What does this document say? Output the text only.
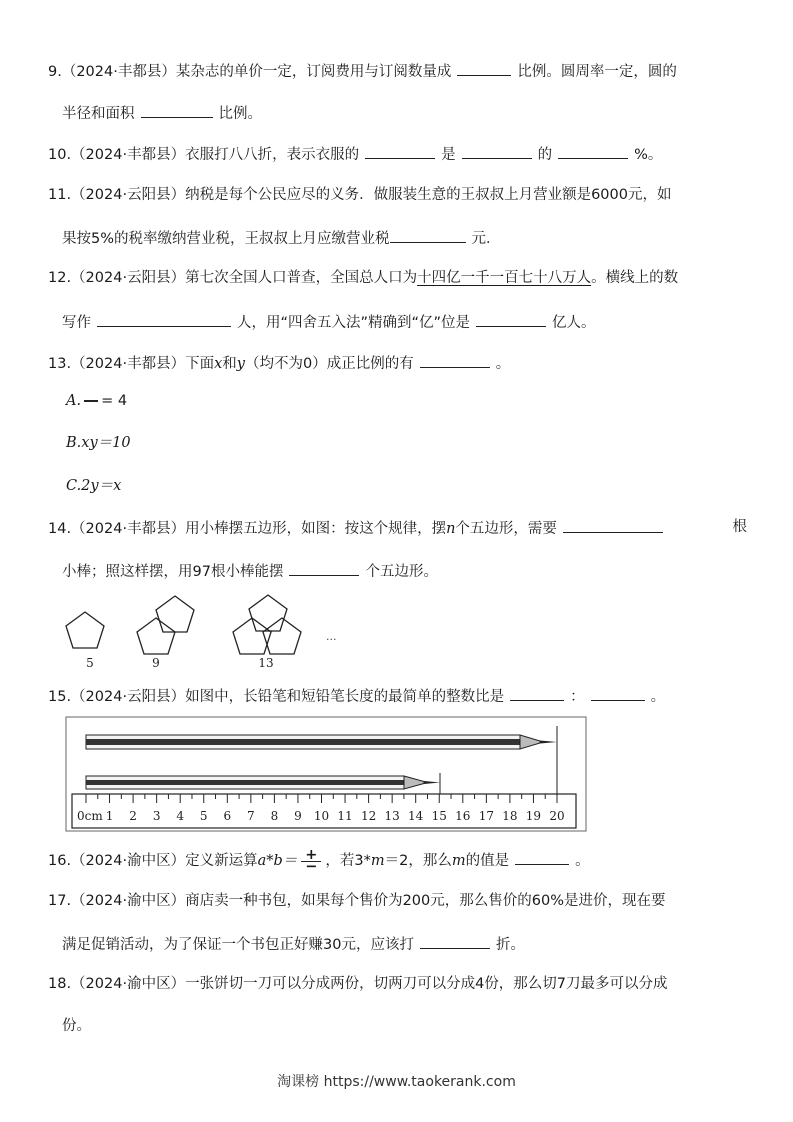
9.（2024·丰都县）某杂志的单价一定，订阅费用与订阅数量成	比例。圆周率一定，圆的
半径和面积	比例。
10.（2024·丰都县）衣服打八八折，表示衣服的	是	的	%。
11.（2024·云阳县）纳税是每个公民应尽的义务．做服装生意的王叔叔上月营业额是6000元，如
果按5%的税率缴纳营业税，王叔叔上月应缴营业税	元．
12.（2024·云阳县）第七次全国人口普查，全国总人口为十四亿一千一百七十八万人。横线上的数
写作	人，用“四舍五入法”精确到“亿”位是	亿人。
13.（2024·丰都县）下面x和y（均不为0）成正比例的有	。
A. = 4
B.xy＝10
C.2y＝x
14.（2024·丰都县）用小棒摆五边形，如图：按这个规律，摆n个五边形，需要	根
小棒；照这样摆，用97根小棒能摆	个五边形。
5	9	13
...
15.（2024·云阳县）如图中，长铅笔和短铅笔长度的最简单的整数比是	：	。
0cm 1 2 3 4 5 6 7 8 9 10 11 12 13 14 15 16 17 18 19 20
16.（2024·渝中区）定义新运算$a*b= \frac{+}{-}$ ，若3*m＝2，那么m的值是	。
17.（2024·渝中区）商店卖一种书包，如果每个售价为200元，那么售价的60%是进价，现在要
满足促销活动，为了保证一个书包正好赚30元，应该打	折。
18.（2024·渝中区）一张饼切一刀可以分成两份，切两刀可以分成4份，那么切7刀最多可以分成
份。
淘课榜 https://www.taokerank.com
